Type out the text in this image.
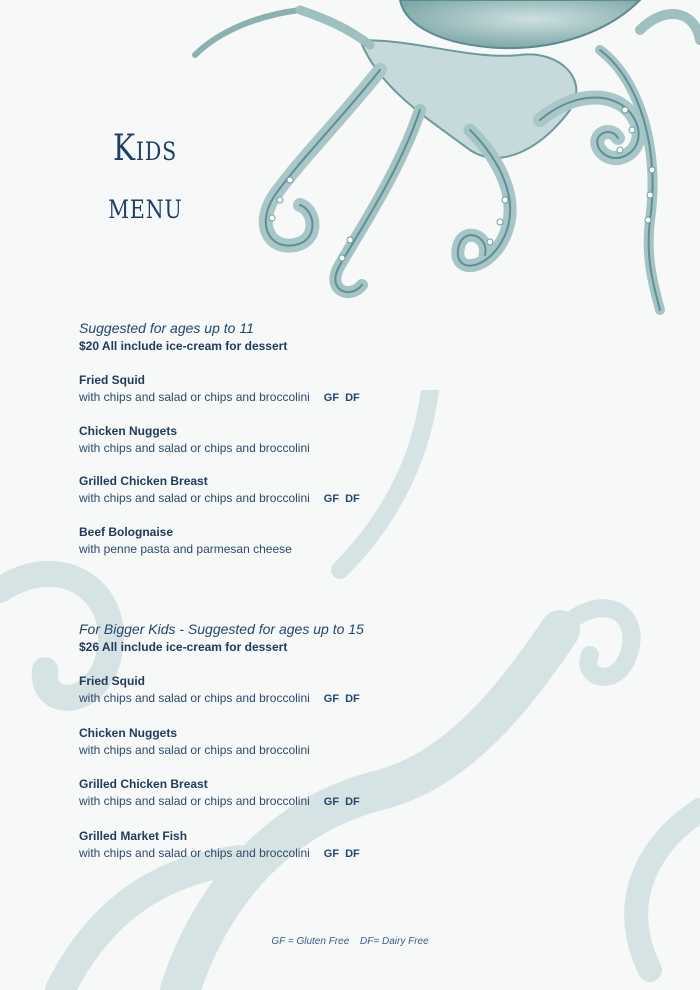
Kids
menu

Suggested for ages up to 11

$20 All include ice-cream for dessert

Fried Squid
with chips and salad or chips and broccolini GF DF
Chicken Nuggets
with chips and salad or chips and broccolini
Grilled Chicken Breast
with chips and salad or chips and broccolini GF DF
Beef Bolognaise
with penne pasta and parmesan cheese

For Bigger Kids - Suggested for ages up to 15

$26 All include ice-cream for dessert

Fried Squid
with chips and salad or chips and broccolini GF DF
Chicken Nuggets
with chips and salad or chips and broccolini
Grilled Chicken Breast
with chips and salad or chips and broccolini GF DF
Grilled Market Fish
with chips and salad or chips and broccolini GF DF
GF = Gluten Free DF= Dairy Free
